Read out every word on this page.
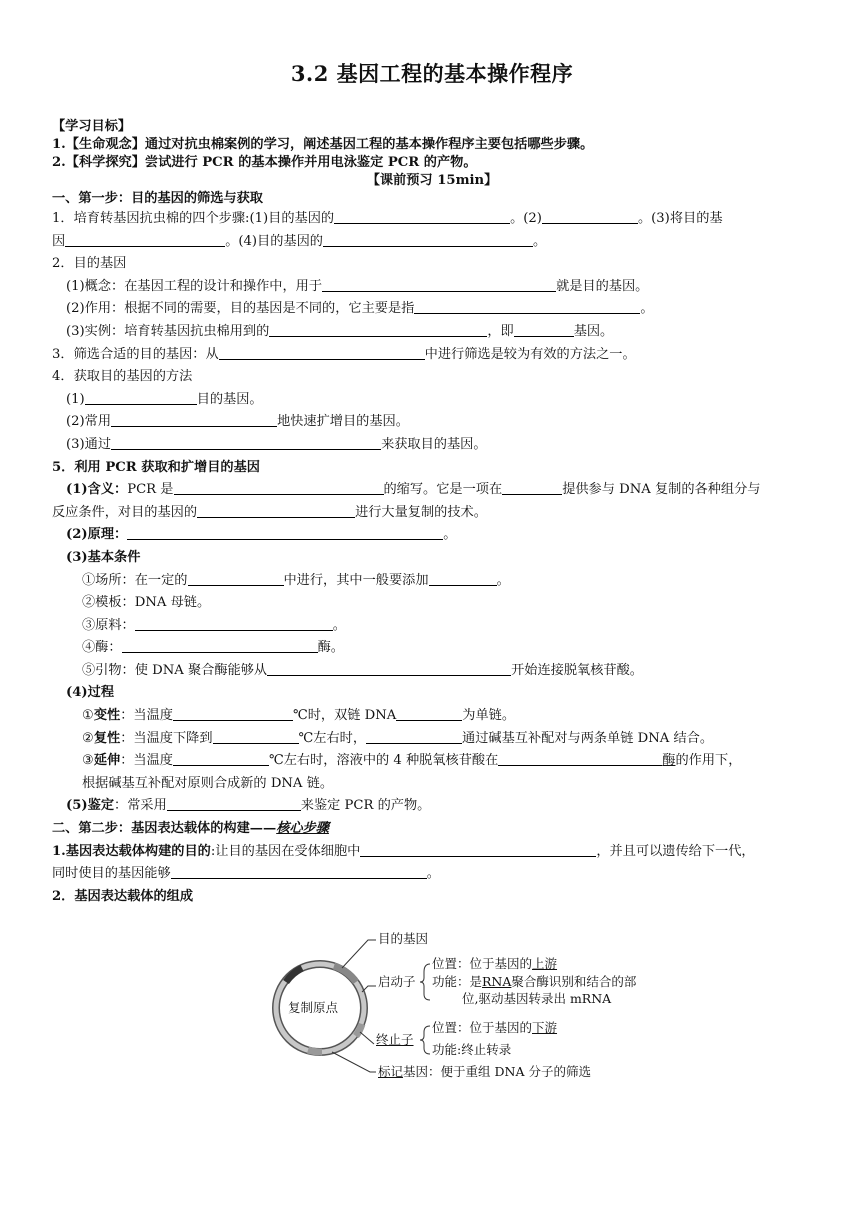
3.2 基因工程的基本操作程序
【学习目标】
1.【生命观念】通过对抗虫棉案例的学习，阐述基因工程的基本操作程序主要包括哪些步骤。
2.【科学探究】尝试进行 PCR 的基本操作并用电泳鉴定 PCR 的产物。
【课前预习 15min】
一、第一步：目的基因的筛选与获取
1．培育转基因抗虫棉的四个步骤:(1)目的基因的	。(2)	。(3)将目的基
因	。(4)目的基因的	。
2．目的基因
(1)概念：在基因工程的设计和操作中，用于	就是目的基因。
(2)作用：根据不同的需要，目的基因是不同的，它主要是指	。
(3)实例：培育转基因抗虫棉用到的	，即	基因。
3．筛选合适的目的基因：从	中进行筛选是较为有效的方法之一。
4．获取目的基因的方法
(1)	目的基因。
(2)常用	地快速扩增目的基因。
(3)通过	来获取目的基因。
5．利用 PCR 获取和扩增目的基因
(1)含义：PCR 是	的缩写。它是一项在	提供参与 DNA 复制的各种组分与
反应条件，对目的基因的	进行大量复制的技术。
(2)原理：	。
(3)基本条件
①场所：在一定的	中进行，其中一般要添加	。
②模板：DNA 母链。
③原料：	。
④酶：	酶。
⑤引物：使 DNA 聚合酶能够从	开始连接脱氧核苷酸。
(4)过程
①变性：当温度	℃时，双链 DNA	为单链。
②复性：当温度下降到	℃左右时，	通过碱基互补配对与两条单链 DNA 结合。
③延伸：当温度	℃左右时，溶液中的 4 种脱氧核苷酸在	酶的作用下，
根据碱基互补配对原则合成新的 DNA 链。
(5)鉴定：常采用	来鉴定 PCR 的产物。
二、第二步：基因表达载体的构建——核心步骤
1.基因表达载体构建的目的:让目的基因在受体细胞中	，并且可以遗传给下一代，
同时使目的基因能够	。
2．基因表达载体的组成
目的基因
复制原点
启动子
位置：位于基因的上游
功能：是RNA聚合酶识别和结合的部
位,驱动基因转录出 mRNA
终止子
位置：位于基因的下游
功能:终止转录
标记基因：便于重组 DNA 分子的筛选
